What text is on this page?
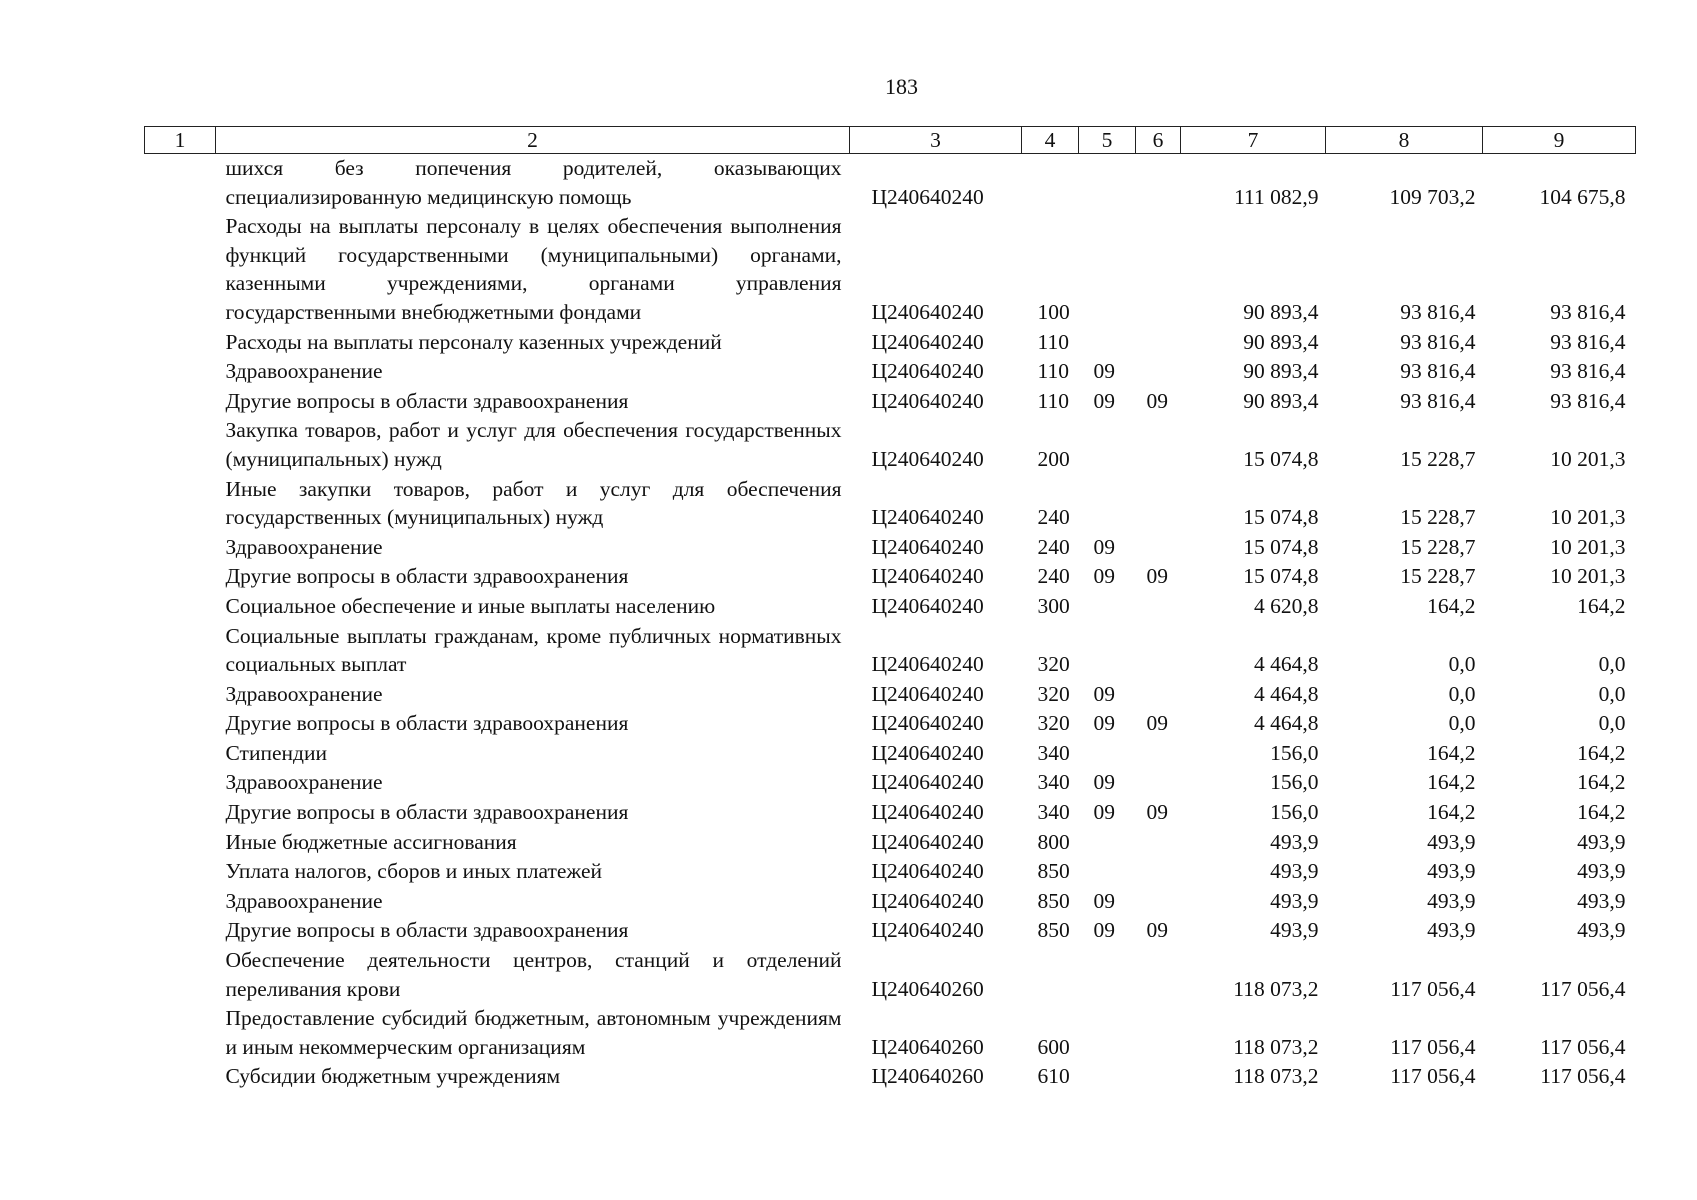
183
1	2	3	4	5	6	7	8	9
	шихся без попечения родителей, оказывающих специализированную медицинскую помощь	Ц240640240				111 082,9	109 703,2	104 675,8
	Расходы на выплаты персоналу в целях обеспечения выполнения функций государственными (муниципальными) органами, казенными учреждениями, органами управления государственными внебюджетными фондами	Ц240640240	100			90 893,4	93 816,4	93 816,4
	Расходы на выплаты персоналу казенных учреждений	Ц240640240	110			90 893,4	93 816,4	93 816,4
	Здравоохранение	Ц240640240	110	09		90 893,4	93 816,4	93 816,4
	Другие вопросы в области здравоохранения	Ц240640240	110	09	09	90 893,4	93 816,4	93 816,4
	Закупка товаров, работ и услуг для обеспечения государственных (муниципальных) нужд	Ц240640240	200			15 074,8	15 228,7	10 201,3
	Иные закупки товаров, работ и услуг для обеспечения государственных (муниципальных) нужд	Ц240640240	240			15 074,8	15 228,7	10 201,3
	Здравоохранение	Ц240640240	240	09		15 074,8	15 228,7	10 201,3
	Другие вопросы в области здравоохранения	Ц240640240	240	09	09	15 074,8	15 228,7	10 201,3
	Социальное обеспечение и иные выплаты населению	Ц240640240	300			4 620,8	164,2	164,2
	Социальные выплаты гражданам, кроме публичных нормативных социальных выплат	Ц240640240	320			4 464,8	0,0	0,0
	Здравоохранение	Ц240640240	320	09		4 464,8	0,0	0,0
	Другие вопросы в области здравоохранения	Ц240640240	320	09	09	4 464,8	0,0	0,0
	Стипендии	Ц240640240	340			156,0	164,2	164,2
	Здравоохранение	Ц240640240	340	09		156,0	164,2	164,2
	Другие вопросы в области здравоохранения	Ц240640240	340	09	09	156,0	164,2	164,2
	Иные бюджетные ассигнования	Ц240640240	800			493,9	493,9	493,9
	Уплата налогов, сборов и иных платежей	Ц240640240	850			493,9	493,9	493,9
	Здравоохранение	Ц240640240	850	09		493,9	493,9	493,9
	Другие вопросы в области здравоохранения	Ц240640240	850	09	09	493,9	493,9	493,9
	Обеспечение деятельности центров, станций и отделений переливания крови	Ц240640260				118 073,2	117 056,4	117 056,4
	Предоставление субсидий бюджетным, автономным учреждениям и иным некоммерческим организациям	Ц240640260	600			118 073,2	117 056,4	117 056,4
	Субсидии бюджетным учреждениям	Ц240640260	610			118 073,2	117 056,4	117 056,4
